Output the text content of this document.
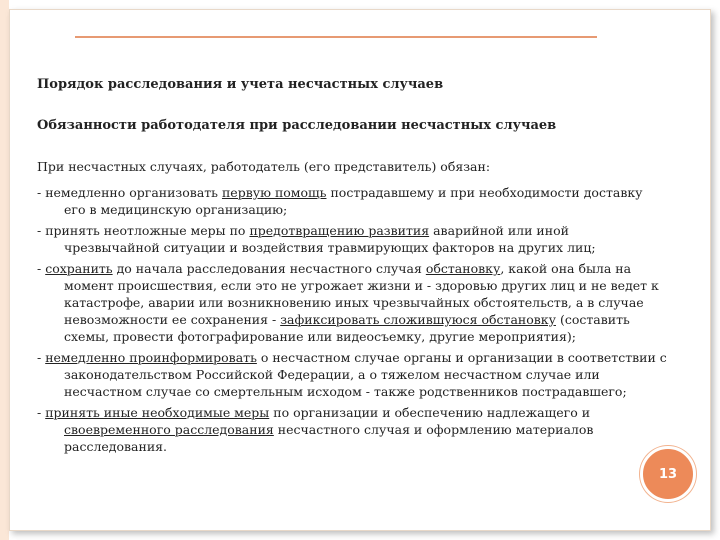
Порядок расследования и учета несчастных случаев

Обязанности работодателя при расследовании несчастных случаев

При несчастных случаях, работодатель (его представитель) обязан:

- немедленно организовать первую помощь пострадавшему и при необходимости доставку его в медицинскую организацию;

- принять неотложные меры по предотвращению развития аварийной или иной чрезвычайной ситуации и воздействия травмирующих факторов на других лиц;

- сохранить до начала расследования несчастного случая обстановку, какой она была на момент происшествия, если это не угрожает жизни и - здоровью других лиц и не ведет к катастрофе, аварии или возникновению иных чрезвычайных обстоятельств, а в случае невозможности ее сохранения - зафиксировать сложившуюся обстановку (составить схемы, провести фотографирование или видеосъемку, другие мероприятия);

- немедленно проинформировать о несчастном случае органы и организации в соответствии с законодательством Российской Федерации, а о тяжелом несчастном случае или несчастном случае со смертельным исходом - также родственников пострадавшего;

- принять иные необходимые меры по организации и обеспечению надлежащего и своевременного расследования несчастного случая и оформлению материалов расследования.

13
